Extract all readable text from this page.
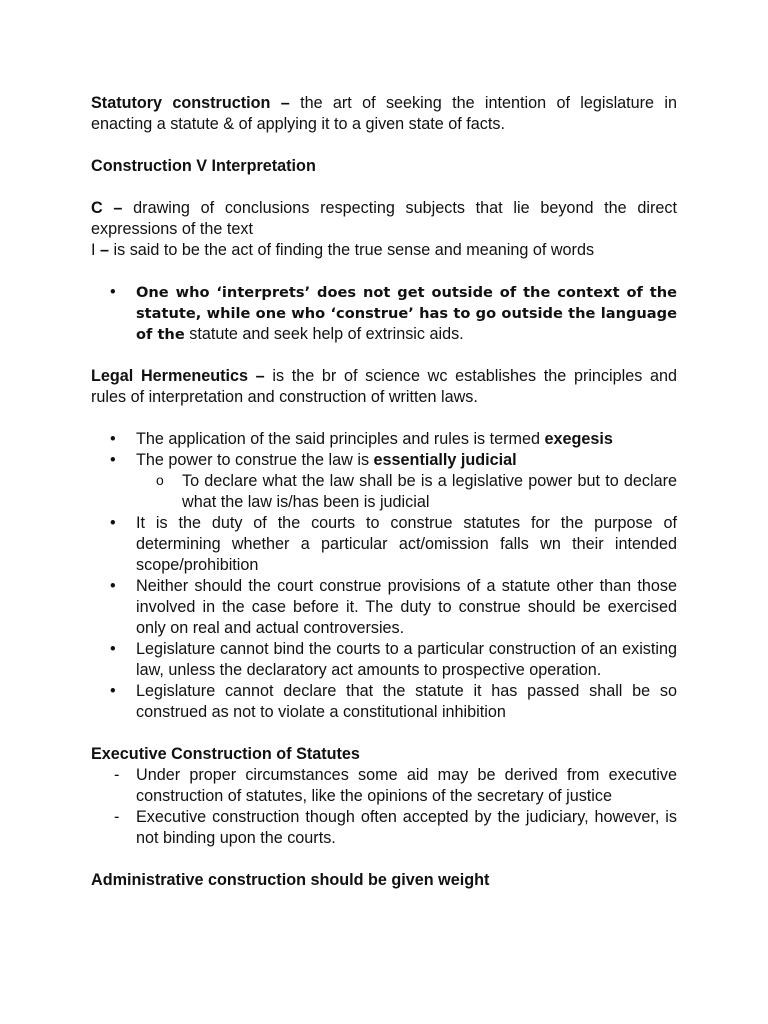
Statutory construction – the art of seeking the intention of legislature in enacting a statute & of applying it to a given state of facts.

Construction V Interpretation

C – drawing of conclusions respecting subjects that lie beyond the direct expressions of the text

I – is said to be the act of finding the true sense and meaning of words

• One who ‘interprets’ does not get outside of the context of the statute, while one who ‘construe’ has to go outside the language of the statute and seek help of extrinsic aids.

Legal Hermeneutics – is the br of science wc establishes the principles and rules of interpretation and construction of written laws.

• The application of the said principles and rules is termed exegesis
• The power to construe the law is essentially judicial
o To declare what the law shall be is a legislative power but to declare what the law is/has been is judicial
• It is the duty of the courts to construe statutes for the purpose of determining whether a particular act/omission falls wn their intended scope/prohibition
• Neither should the court construe provisions of a statute other than those involved in the case before it. The duty to construe should be exercised only on real and actual controversies.
• Legislature cannot bind the courts to a particular construction of an existing law, unless the declaratory act amounts to prospective operation.
• Legislature cannot declare that the statute it has passed shall be so construed as not to violate a constitutional inhibition

Executive Construction of Statutes

- Under proper circumstances some aid may be derived from executive construction of statutes, like the opinions of the secretary of justice
- Executive construction though often accepted by the judiciary, however, is not binding upon the courts.

Administrative construction should be given weight
